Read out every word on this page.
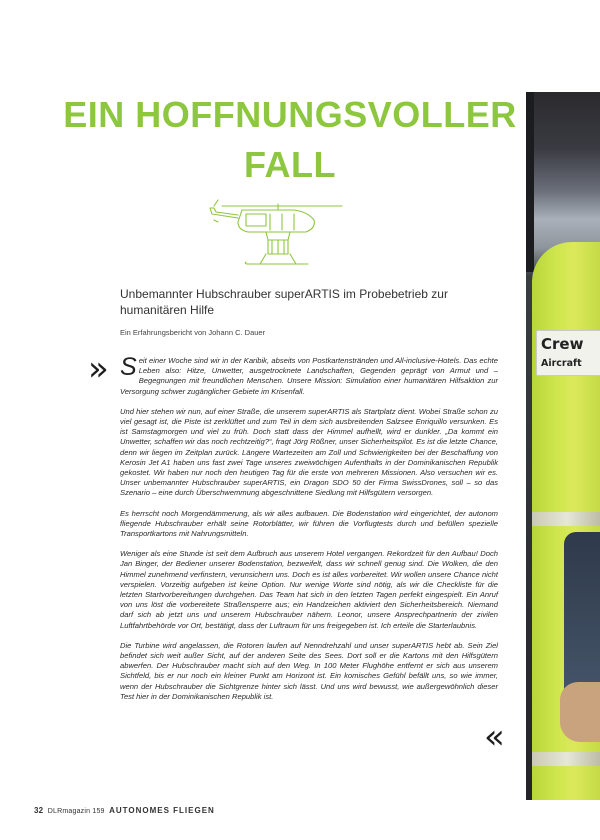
Crew
Aircraft
EIN HOFFNUNGSVOLLER
FALL
Unbemannter Hubschrauber superARTIS im Probebetrieb zur humanitären Hilfe
Ein Erfahrungsbericht von Johann C. Dauer
» Seit einer Woche sind wir in der Karibik, abseits von Postkartenstränden und All-inclusive-Hotels. Das echte Leben also: Hitze, Unwetter, ausgetrocknete Landschaften, Gegenden geprägt von Armut und – Begegnungen mit freundlichen Menschen. Unsere Mission: Simulation einer humanitären Hilfsaktion zur Versorgung schwer zugänglicher Gebiete im Krisenfall.

Und hier stehen wir nun, auf einer Straße, die unserem superARTIS als Startplatz dient. Wobei Straße schon zu viel gesagt ist, die Piste ist zerklüftet und zum Teil in dem sich ausbreitenden Salzsee Enriquillo versunken. Es ist Samstagmorgen und viel zu früh. Doch statt dass der Himmel aufhellt, wird er dunkler. „Da kommt ein Unwetter, schaffen wir das noch rechtzeitig?“, fragt Jörg Rößner, unser Sicherheitspilot. Es ist die letzte Chance, denn wir liegen im Zeitplan zurück. Längere Wartezeiten am Zoll und Schwierigkeiten bei der Beschaffung von Kerosin Jet A1 haben uns fast zwei Tage unseres zweiwöchigen Aufenthalts in der Dominikanischen Republik gekostet. Wir haben nur noch den heutigen Tag für die erste von mehreren Missionen. Also versuchen wir es. Unser unbemannter Hubschrauber superARTIS, ein Dragon SDO 50 der Firma SwissDrones, soll – so das Szenario – eine durch Überschwemmung abgeschnittene Siedlung mit Hilfsgütern versorgen.

Es herrscht noch Morgendämmerung, als wir alles aufbauen. Die Bodenstation wird eingerichtet, der autonom fliegende Hubschrauber erhält seine Rotorblätter, wir führen die Vorflugtests durch und befüllen spezielle Transportkartons mit Nahrungsmitteln.

Weniger als eine Stunde ist seit dem Aufbruch aus unserem Hotel vergangen. Rekordzeit für den Aufbau! Doch Jan Binger, der Bediener unserer Bodenstation, bezweifelt, dass wir schnell genug sind. Die Wolken, die den Himmel zunehmend verfinstern, verunsichern uns. Doch es ist alles vorbereitet. Wir wollen unsere Chance nicht verspielen. Vorzeitig aufgeben ist keine Option. Nur wenige Worte sind nötig, als wir die Checkliste für die letzten Startvorbereitungen durchgehen. Das Team hat sich in den letzten Tagen perfekt eingespielt. Ein Anruf von uns löst die vorbereitete Straßensperre aus; ein Handzeichen aktiviert den Sicherheitsbereich. Niemand darf sich ab jetzt uns und unserem Hubschrauber nähern. Leonor, unsere Ansprechpartnerin der zivilen Luftfahrtbehörde vor Ort, bestätigt, dass der Luftraum für uns freigegeben ist. Ich erteile die Starterlaubnis.

Die Turbine wird angelassen, die Rotoren laufen auf Nenndrehzahl und unser superARTIS hebt ab. Sein Ziel befindet sich weit außer Sicht, auf der anderen Seite des Sees. Dort soll er die Kartons mit den Hilfsgütern abwerfen. Der Hubschrauber macht sich auf den Weg. In 100 Meter Flughöhe entfernt er sich aus unserem Sichtfeld, bis er nur noch ein kleiner Punkt am Horizont ist. Ein komisches Gefühl befällt uns, so wie immer, wenn der Hubschrauber die Sichtgrenze hinter sich lässt. Und uns wird bewusst, wie außergewöhnlich dieser Test hier in der Dominikanischen Republik ist.

«
32 DLRmagazin 159 AUTONOMES FLIEGEN
